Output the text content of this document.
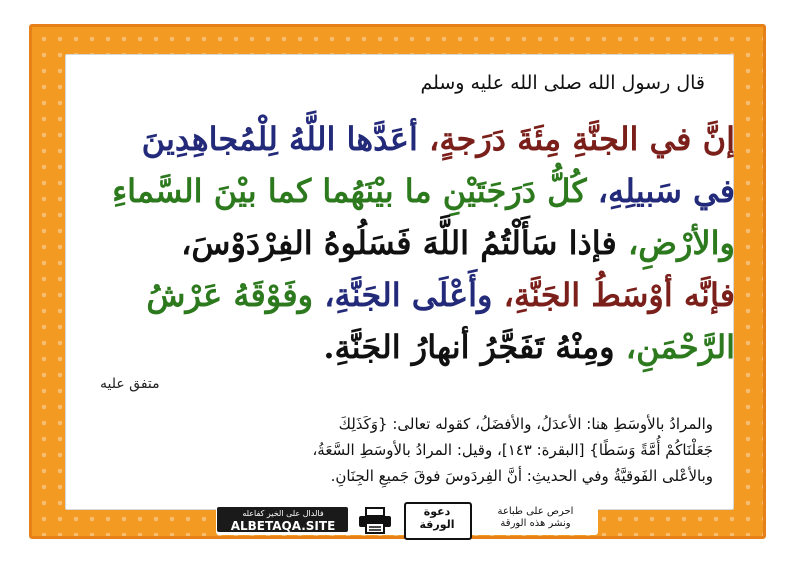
قال رسول الله صلى الله عليه وسلم
إنَّ في الجنَّةِ مِئَةَ دَرَجةٍ، أعَدَّها اللَّهُ لِلْمُجاهِدِينَ
في سَبيلِهِ، كُلُّ دَرَجَتَيْنِ ما بيْنَهُما كما بيْنَ السَّماءِ
والأرْضِ، فإذا سَأَلْتُمُ اللَّهَ فَسَلُوهُ الفِرْدَوْسَ،
فإنَّه أوْسَطُ الجَنَّةِ، وأَعْلَى الجَنَّةِ، وفَوْقَهُ عَرْشُ
الرَّحْمَنِ، ومِنْهُ تَفَجَّرُ أنهارُ الجَنَّةِ.
متفق عليه
والمرادُ بالأوسَطِ هنا: الأعدَلُ، والأفضَلُ، كقوله تعالى: {وَكَذَلِكَ
جَعَلْنَاكُمْ أُمَّةً وَسَطًا} [البقرة: ١٤٣]، وقيل: المرادُ بالأوسَطِ السَّعَةُ،
وبالأعْلى الفَوقيَّةُ وفي الحديثِ: أنَّ الفِردَوسَ فوقَ جَميعِ الجِنَانِ.
فالدال على الخير كفاعله
ALBETAQA.SITE
دعوة
الورقة
احرص على طباعة
ونشر هذه الورقة
